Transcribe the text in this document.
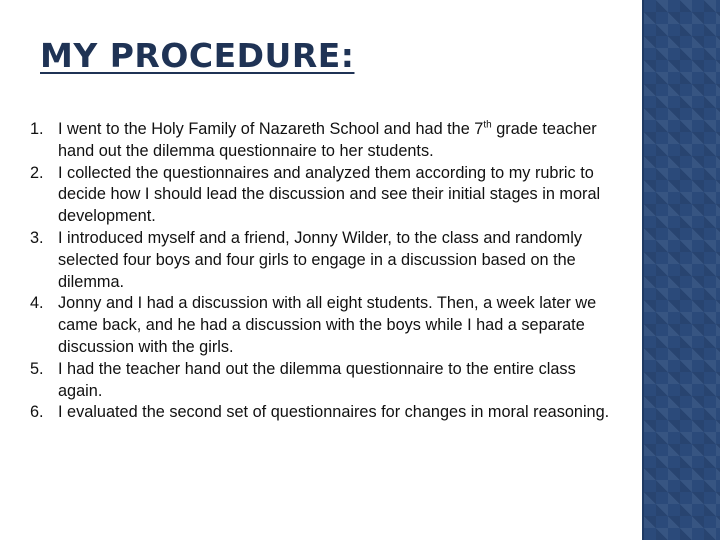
MY PROCEDURE:
1. I went to the Holy Family of Nazareth School and had the 7th grade teacher hand out the dilemma questionnaire to her students.
2. I collected the questionnaires and analyzed them according to my rubric to decide how I should lead the discussion and see their initial stages in moral development.
3. I introduced myself and a friend, Jonny Wilder, to the class and randomly selected four boys and four girls to engage in a discussion based on the dilemma.
4. Jonny and I had a discussion with all eight students. Then, a week later we came back, and he had a discussion with the boys while I had a separate discussion with the girls.
5. I had the teacher hand out the dilemma questionnaire to the entire class again.
6. I evaluated the second set of questionnaires for changes in moral reasoning.
